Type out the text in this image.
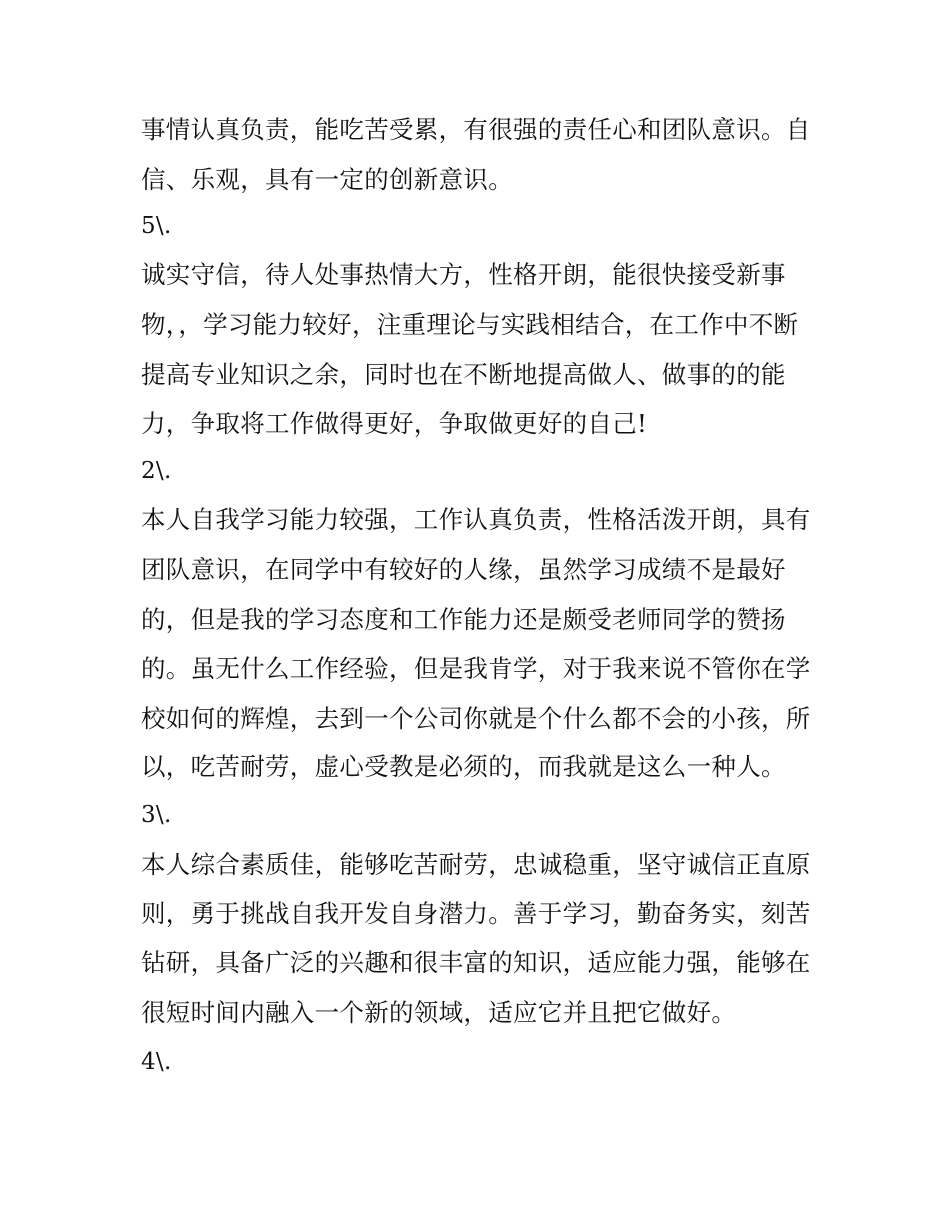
事情认真负责，能吃苦受累，有很强的责任心和团队意识。自
信、乐观，具有一定的创新意识。
5\.
诚实守信，待人处事热情大方，性格开朗，能很快接受新事
物，，学习能力较好，注重理论与实践相结合，在工作中不断
提高专业知识之余，同时也在不断地提高做人、做事的的能
力，争取将工作做得更好，争取做更好的自己!
2\.
本人自我学习能力较强，工作认真负责，性格活泼开朗，具有
团队意识，在同学中有较好的人缘，虽然学习成绩不是最好
的，但是我的学习态度和工作能力还是颇受老师同学的赞扬
的。虽无什么工作经验，但是我肯学，对于我来说不管你在学
校如何的辉煌，去到一个公司你就是个什么都不会的小孩，所
以，吃苦耐劳，虚心受教是必须的，而我就是这么一种人。
3\.
本人综合素质佳，能够吃苦耐劳，忠诚稳重，坚守诚信正直原
则，勇于挑战自我开发自身潜力。善于学习，勤奋务实，刻苦
钻研，具备广泛的兴趣和很丰富的知识，适应能力强，能够在
很短时间内融入一个新的领域，适应它并且把它做好。
4\.
